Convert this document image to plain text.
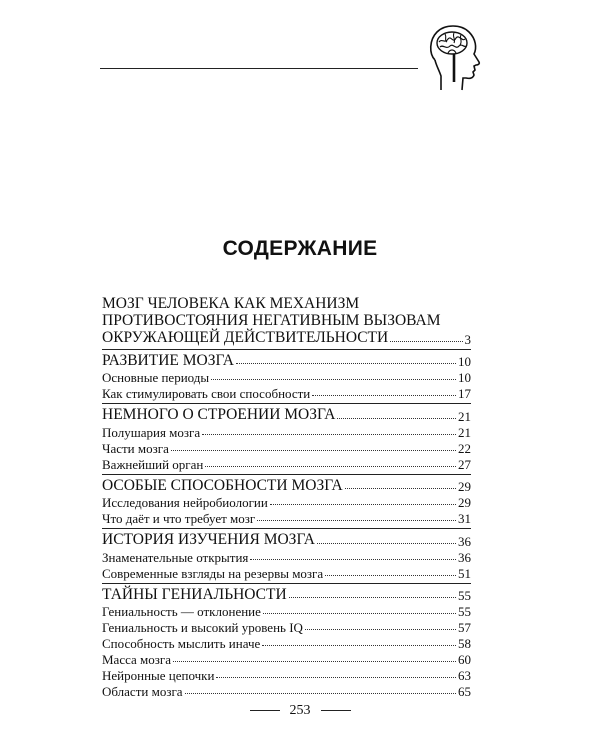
СОДЕРЖАНИЕ
МОЗГ ЧЕЛОВЕКА КАК МЕХАНИЗМ
ПРОТИВОСТОЯНИЯ НЕГАТИВНЫМ ВЫЗОВАМ
ОКРУЖАЮЩЕЙ ДЕЙСТВИТЕЛЬНОСТИ	3
РАЗВИТИЕ МОЗГА	10
Основные периоды	10
Как стимулировать свои способности	17
НЕМНОГО О СТРОЕНИИ МОЗГА	21
Полушария мозга	21
Части мозга	22
Важнейший орган	27
ОСОБЫЕ СПОСОБНОСТИ МОЗГА	29
Исследования нейробиологии	29
Что даёт и что требует мозг	31
ИСТОРИЯ ИЗУЧЕНИЯ МОЗГА	36
Знаменательные открытия	36
Современные взгляды на резервы мозга	51
ТАЙНЫ ГЕНИАЛЬНОСТИ	55
Гениальность — отклонение	55
Гениальность и высокий уровень IQ	57
Способность мыслить иначе	58
Масса мозга	60
Нейронные цепочки	63
Области мозга	65
253
